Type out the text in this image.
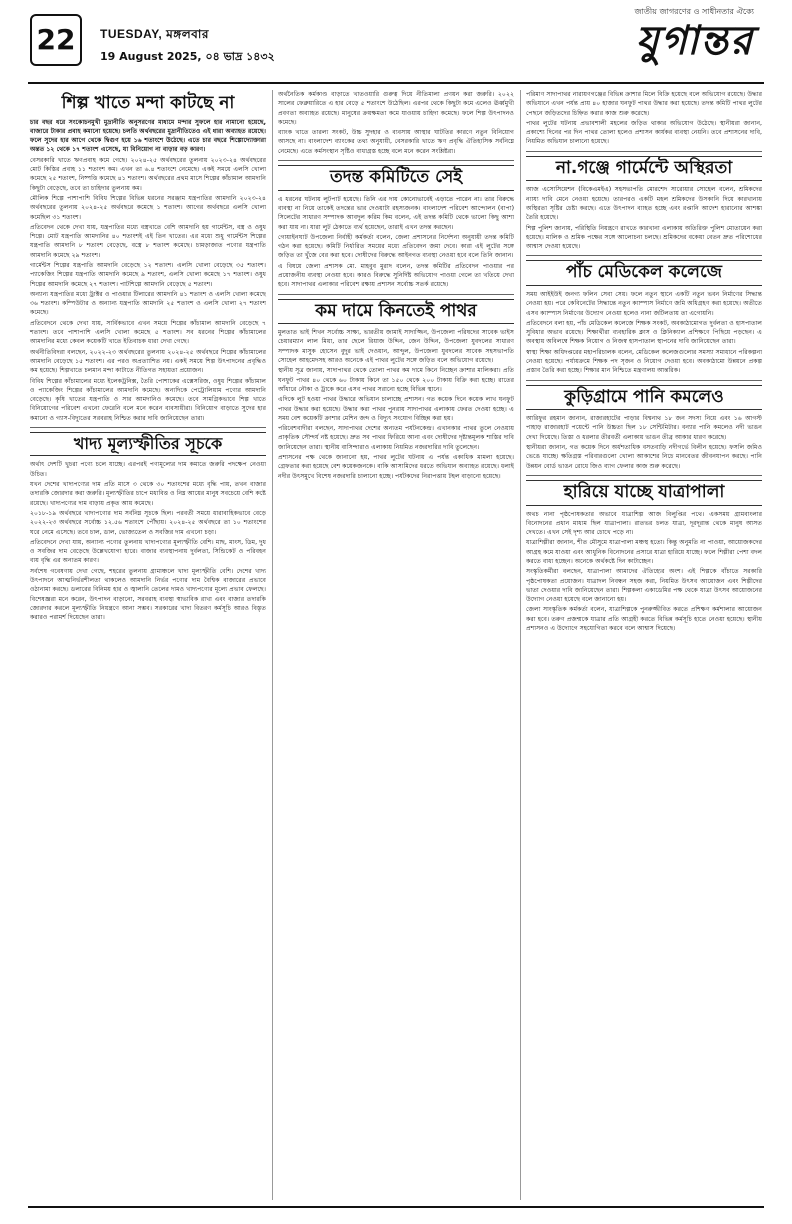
22	TUESDAY, মঙ্গলবার
19 August 2025, ০৪ ভাদ্র ১৪৩২
জাতীয় জাগরণের ও সাধীনতার ঐক্যে
যুগান্তর
শিল্প খাতে মন্দা কাটছে না

চার বছর ধরে সংকোচনমুখী মুদ্রানীতি অনুসরণের মাধ্যমে মন্দার সুফলে হার নামানো হয়েছে, বাজারে টাকার প্রবাহ কমানো হয়েছে। চলতি অর্থবছরের মুদ্রানীতিতেও এই ধারা অব্যাহত রয়েছে। ফলে সুদের হার আগে থেকে দ্বিগুণ হয়ে ১৬ শতাংশে উঠেছে। এতে চার বছরে শিল্পোদ্যোক্তারা অন্তত ১২ থেকে ১৭ শতাংশ এসেছে, যা বিনিয়োগ না বাড়ার বড় কারণ।

বেসরকারি খাতে ঋণপ্রবাহ কমে গেছে। ২০২৪-২৫ অর্থবছরের তুলনায় ২০২৩-২৪ অর্থবছরের মোট কিস্তির প্রবাহ ১১ শতাংশ কম। এখন তা ৬.৪ শতাংশে নেমেছে। একই সময়ে এলসি খোলা কমেছে ২৫ শতাংশ, নিষ্পত্তি কমেছে ৪১ শতাংশ। অর্থবছরের প্রথম মাসে শিল্পের কাঁচামাল আমদানি কিছুটা বেড়েছে, তবে তা চাহিদার তুলনায় কম।

মৌলিক শিল্পে পাশাপাশি বিবিধ শিল্পের বিভিন্ন ধরনের সরঞ্জাম যন্ত্রপাতির আমদানি ২০২৩-২৪ অর্থবছরের তুলনায় ২০২৪-২৫ অর্থবছরে কমেছে ১ শতাংশ। আগের অর্থবছরে এলসি খোলা কমেছিল ৩১ শতাংশ।

প্রতিবেদন থেকে দেখা যায়, যন্ত্রপাতির মধ্যে বস্ত্রখাতে বেশি আমদানি হয় গার্মেন্টস, বস্ত্র ও ওষুধ শিল্পে। মোট যন্ত্রপাতি আমদানির ৪০ শতাংশই এই তিন খাতের। এর মধ্যে শুধু গার্মেন্টস শিল্পের যন্ত্রপাতি আমদানি ৮ শতাংশ বেড়েছে, বস্ত্রে ৮ শতাংশ কমেছে। চামড়াজাত পণ্যের যন্ত্রপাতি আমদানি কমেছে ২৯ শতাংশ।

গার্মেন্টস শিল্পের যন্ত্রপাতি আমদানি বেড়েছে ১২ শতাংশ। এলসি খোলা বেড়েছে ৩৫ শতাংশ। প্যাকেজিং শিল্পের যন্ত্রপাতি আমদানি কমেছে ৯ শতাংশ, এলসি খোলা কমেছে ১৭ শতাংশ। ওষুধ শিল্পের আমদানি কমেছে ২৭ শতাংশ। পাটশিল্পে আমদানি বেড়েছে ৫ শতাংশ।

অন্যান্য যন্ত্রপাতির মধ্যে ট্রাক্টর ও পাওয়ার টিলারের আমদানি ৪১ শতাংশ ও এলসি খোলা কমেছে ৩৬ শতাংশ। কম্পিউটার ও অন্যান্য যন্ত্রপাতি আমদানি ২৫ শতাংশ ও এলসি খোলা ২৭ শতাংশ কমেছে।

প্রতিবেদনে থেকে দেখা যায়, সার্বিকভাবে এখন সময়ে শিল্পের কাঁচামাল আমদানি বেড়েছে ৭ শতাংশ। তবে পাশাপাশি এলসি খোলা কমেছে ৫ শতাংশ। সব ধরনের শিল্পের কাঁচামালের আমদানির মধ্যে কেবল কয়েকটি খাতে ইতিবাচক ধারা দেখা গেছে।

অর্থনীতিবিদরা বলছেন, ২০২২-২৩ অর্থবছরের তুলনায় ২০২৪-২৫ অর্থবছরে শিল্পের কাঁচামালের আমদানি বেড়েছে ১৫ শতাংশ। এর পরও অপ্রত্যাশিত নয়। একই সময়ে শিল্প উৎপাদনের প্রবৃদ্ধিও কম হয়েছে। শিল্পখাতে চলমান মন্দা কাটাতে নীতিগত সহায়তা প্রয়োজন।

বিবিধ শিল্পের কাঁচামালের মধ্যে ইলেকট্রনিক্স, তৈরি পোশাকের এক্সেসরিজ, ওষুধ শিল্পের কাঁচামাল ও প্যাকেজিং শিল্পের কাঁচামালের আমদানি কমেছে। অন্যদিকে পেট্রোলিয়াম পণ্যের আমদানি বেড়েছে। কৃষি খাতের যন্ত্রপাতি ও সার আমদানিও কমেছে। তবে সামগ্রিকভাবে শিল্প খাতে বিনিয়োগের পরিবেশ এখনো ফেরেনি বলে মনে করেন ব্যবসায়ীরা। বিনিয়োগ বাড়াতে সুদের হার কমানো ও গ্যাস-বিদ্যুতের সরবরাহ নিশ্চিত করার দাবি জানিয়েছেন তারা।

খাদ্য মূল্যস্ফীতির সূচকে

অর্থাৎ দেশটি খুচরা পণ্যে চলে যাচ্ছে। এরপরই পণ্যমূল্যের দাম কমাতে জরুরি পদক্ষেপ নেওয়া উচিত।

যখন দেশের খাদ্যপণ্যের দাম প্রতি মাসে ৩ থেকে ৩০ শতাংশের মধ্যে বৃদ্ধি পায়, তখন বাজার তদারকি জোরদার করা জরুরি। মূল্যস্ফীতির চাপে মধ্যবিত্ত ও নিম্ন আয়ের মানুষ সবচেয়ে বেশি কষ্টে রয়েছে। খাদ্যপণ্যের দাম বাড়ায় প্রকৃত আয় কমেছে।

২০১৮-১৯ অর্থবছরে খাদ্যপণ্যের দাম সর্বনিম্ন সূচকে ছিল। পরবর্তী সময়ে ধারাবাহিকভাবে বেড়ে ২০২২-২৩ অর্থবছরে সর্বোচ্চ ১২.৫৬ শতাংশে পৌঁছায়। ২০২৪-২৫ অর্থবছরে তা ১০ শতাংশের ঘরে নেমে এসেছে। তবে চাল, ডাল, ভোজ্যতেল ও সবজির দাম এখনো চড়া।

প্রতিবেদনে দেখা যায়, অন্যান্য পণ্যের তুলনায় খাদ্যপণ্যের মূল্যস্ফীতি বেশি। মাছ, মাংস, ডিম, দুধ ও সবজির দাম বেড়েছে উল্লেখযোগ্য হারে। বাজার ব্যবস্থাপনায় দুর্বলতা, সিন্ডিকেট ও পরিবহন ব্যয় বৃদ্ধি এর অন্যতম কারণ।

সর্বশেষ গবেষণায় দেখা গেছে, শহরের তুলনায় গ্রামাঞ্চলে খাদ্য মূল্যস্ফীতি বেশি। দেশের খাদ্য উৎপাদনে আত্মনির্ভরশীলতা থাকলেও আমদানি নির্ভর পণ্যের দাম বৈশ্বিক বাজারের প্রভাবে ওঠানামা করছে। ডলারের বিনিময় হার ও জ্বালানি তেলের দামও খাদ্যপণ্যের মূল্যে প্রভাব ফেলছে। বিশেষজ্ঞরা মনে করেন, উৎপাদন বাড়ানো, সরবরাহ ব্যবস্থা স্বাভাবিক রাখা এবং বাজার তদারকি জোরদার করলে মূল্যস্ফীতি নিয়ন্ত্রণে আনা সম্ভব। সরকারের খাদ্য বিতরণ কর্মসূচি আরও বিস্তৃত করারও পরামর্শ দিয়েছেন তারা।

অর্থনৈতিক কর্মকাণ্ড বাড়াতে খাতওয়ারি গুরুত্ব দিয়ে নীতিমালা প্রণয়ন করা জরুরি। ২০২২ সালের ফেব্রুয়ারিতে এ হার বেড়ে ৫ শতাংশে উঠেছিল। এরপর থেকে কিছুটা কমে এলেও ঊর্ধ্বমুখী প্রবণতা অব্যাহত রয়েছে। মানুষের ক্রয়ক্ষমতা কমে যাওয়ায় চাহিদা কমেছে। ফলে শিল্প উৎপাদনও কমেছে।

ব্যাংক খাতে তারল্য সংকট, উচ্চ সুদহার ও ব্যবসায় আস্থার ঘাটতির কারণে নতুন বিনিয়োগ আসছে না। বাংলাদেশ ব্যাংকের তথ্য অনুযায়ী, বেসরকারি খাতে ঋণ প্রবৃদ্ধি ঐতিহাসিক সর্বনিম্নে নেমেছে। এতে কর্মসংস্থান সৃষ্টিও বাধাগ্রস্ত হচ্ছে বলে মনে করেন সংশ্লিষ্টরা।

তদন্ত কমিটিতে সেই

এ ধরনের ঘটনায় লুটপাট হয়েছে। তিনি এর দায় কোনোভাবেই এড়াতে পারেন না। তার বিরুদ্ধে ব্যবস্থা না নিয়ে তাকেই তদন্তের ভার দেওয়াটা রহস্যজনক। বাংলাদেশ পরিবেশ আন্দোলন (বাপা) সিলেটের সাধারণ সম্পাদক আবদুল করিম কিম বলেন, এই তদন্ত কমিটি থেকে ভালো কিছু আশা করা যায় না। যারা লুট ঠেকাতে ব্যর্থ হয়েছেন, তারাই এখন তদন্ত করছেন।

গোয়াইনঘাট উপজেলা নির্বাহী কর্মকর্তা বলেন, জেলা প্রশাসনের নির্দেশনা অনুযায়ী তদন্ত কমিটি গঠন করা হয়েছে। কমিটি নির্ধারিত সময়ের মধ্যে প্রতিবেদন জমা দেবে। কারা এই লুটের সঙ্গে জড়িত তা খুঁজে বের করা হবে। দোষীদের বিরুদ্ধে আইনগত ব্যবস্থা নেওয়া হবে বলে তিনি জানান।

এ বিষয়ে জেলা প্রশাসক মো. মাহবুব মুরাদ বলেন, তদন্ত কমিটির প্রতিবেদন পাওয়ার পর প্রয়োজনীয় ব্যবস্থা নেওয়া হবে। কারও বিরুদ্ধে সুনির্দিষ্ট অভিযোগ পাওয়া গেলে তা খতিয়ে দেখা হবে। সাদাপাথর এলাকার পরিবেশ রক্ষায় প্রশাসন সর্বোচ্চ সতর্ক রয়েছে।

কম দামে কিনতেই পাথর

মুলতাত ভাই শিখন সর্বোচ্চ সাক্ষ্য, ভারতীয় জামাই সাদাজ্জিন, উপজেলা পরিষদের সাবেক ভাইস চেয়ারম্যান লাল মিয়া, তার ছেলে রিয়াজ উদ্দিন, জেন উদ্দিন, উপজেলা যুবদলের সাধারণ সম্পাদক মাসুক হোসেন বুদুর ভাই দেওয়ান, আব্দুল, উপজেলা যুবদলের সাবেক সহসভাপতি সোহেল আহমেদসহ আরও অনেকে এই পাথর লুটের সঙ্গে জড়িত বলে অভিযোগ রয়েছে।

স্থানীয় সূত্র জানায়, সাদাপাথর থেকে তোলা পাথর কম দামে কিনে নিচ্ছেন ক্রাশার মালিকরা। প্রতি ঘনফুট পাথর ৪০ থেকে ৬০ টাকায় কিনে তা ১৫০ থেকে ২০০ টাকায় বিক্রি করা হচ্ছে। রাতের আঁধারে নৌকা ও ট্রাকে করে এসব পাথর সরানো হচ্ছে বিভিন্ন স্থানে।

এদিকে লুট হওয়া পাথর উদ্ধারে অভিযান চালাচ্ছে প্রশাসন। গত কয়েক দিনে কয়েক লাখ ঘনফুট পাথর উদ্ধার করা হয়েছে। উদ্ধার করা পাথর পুনরায় সাদাপাথর এলাকায় ফেরত দেওয়া হচ্ছে। এ সময় বেশ কয়েকটি ক্রাশার মেশিন জব্দ ও বিদ্যুৎ সংযোগ বিচ্ছিন্ন করা হয়।

পরিবেশবাদীরা বলছেন, সাদাপাথর দেশের অন্যতম পর্যটনকেন্দ্র। এখানকার পাথর তুলে নেওয়ায় প্রাকৃতিক সৌন্দর্য নষ্ট হয়েছে। দ্রুত সব পাথর ফিরিয়ে আনা এবং দোষীদের দৃষ্টান্তমূলক শাস্তির দাবি জানিয়েছেন তারা। স্থানীয় বাসিন্দারাও এলাকায় নিয়মিত নজরদারির দাবি তুলেছেন।

প্রশাসনের পক্ষ থেকে জানানো হয়, পাথর লুটের ঘটনায় এ পর্যন্ত একাধিক মামলা হয়েছে। গ্রেফতার করা হয়েছে বেশ কয়েকজনকে। বাকি আসামিদের ধরতে অভিযান অব্যাহত রয়েছে। ধলাই নদীর উৎসমুখে বিশেষ নজরদারি চালানো হচ্ছে। পর্যটকদের নিরাপত্তায় টহল বাড়ানো হয়েছে।

পরিমাণ সাদাপাথর নারায়ণগঞ্জের বিভিন্ন ক্রাশার মিলে বিক্রি হয়েছে বলে অভিযোগ রয়েছে। উদ্ধার অভিযানে এখন পর্যন্ত প্রায় ৪০ হাজার ঘনফুট পাথর উদ্ধার করা হয়েছে। তদন্ত কমিটি পাথর লুটের পেছনে জড়িতদের চিহ্নিত করার কাজ শুরু করেছে।

পাথর লুটের ঘটনায় প্রভাবশালী মহলের জড়িত থাকার অভিযোগ উঠেছে। স্থানীয়রা জানান, প্রকাশ্যে দিনের পর দিন পাথর তোলা হলেও প্রশাসন কার্যকর ব্যবস্থা নেয়নি। তবে প্রশাসনের দাবি, নিয়মিত অভিযান চালানো হয়েছে।

না.গঞ্জে গার্মেন্টে অস্থিরতা

আজ এসোসিয়েশন (বিকেএমইএ) সহসভাপতি মোরশেদ সারোয়ার সোহেল বলেন, শ্রমিকদের ন্যায্য দাবি মেনে নেওয়া হয়েছে। তারপরও একটি মহল শ্রমিকদের উসকানি দিয়ে কারখানায় অস্থিরতা সৃষ্টির চেষ্টা করছে। এতে উৎপাদন ব্যাহত হচ্ছে এবং রপ্তানি আদেশ হারানোর আশঙ্কা তৈরি হয়েছে।

শিল্প পুলিশ জানায়, পরিস্থিতি নিয়ন্ত্রণে রাখতে কারখানা এলাকায় অতিরিক্ত পুলিশ মোতায়েন করা হয়েছে। মালিক ও শ্রমিক পক্ষের সঙ্গে আলোচনা চলছে। শ্রমিকদের বকেয়া বেতন দ্রুত পরিশোধের আশ্বাস দেওয়া হয়েছে।

পাঁচ মেডিকেল কলেজে

সময় আইইউই জনগ্য ফলিন সেবা সেয়। ফলে নতুন স্থানে একটি নতুন ভবন নির্মাণের সিদ্ধান্ত নেওয়া হয়। পরে কেবিনেটের সিদ্ধান্তে নতুন ক্যাম্পাস নির্মাণে জমি অধিগ্রহণ করা হয়েছে। অতীতে এসব ক্যাম্পাস নির্মাণের উদ্যোগ নেওয়া হলেও নানা জটিলতায় তা এগোয়নি।

প্রতিবেদনে বলা হয়, পাঁচ মেডিকেল কলেজে শিক্ষক সংকট, অবকাঠামোগত দুর্বলতা ও হাসপাতাল সুবিধার অভাব রয়েছে। শিক্ষার্থীরা ব্যবহারিক ক্লাস ও ক্লিনিক্যাল প্রশিক্ষণে পিছিয়ে পড়ছেন। এ অবস্থায় অবিলম্বে শিক্ষক নিয়োগ ও নিজস্ব হাসপাতাল স্থাপনের দাবি জানিয়েছেন তারা।

স্বাস্থ্য শিক্ষা অধিদপ্তরের মহাপরিচালক বলেন, মেডিকেল কলেজগুলোর সমস্যা সমাধানে পরিকল্পনা নেওয়া হয়েছে। পর্যায়ক্রমে শিক্ষক পদ সৃজন ও নিয়োগ দেওয়া হবে। অবকাঠামো উন্নয়নে প্রকল্প প্রস্তাব তৈরি করা হচ্ছে। শিক্ষার মান নিশ্চিতে মন্ত্রণালয় আন্তরিক।

কুড়িগ্রামে পানি কমলেও

আরিফুর রহমান জানান, রাজারহাটের পাড়ার বিশ্বনাথ ১৮ জন সদস্য নিয়ে এবং ১৬ আগস্ট পাহাড় রাজারহাট পয়েন্টে পানি উচ্চতা ছিল ১৮ সেন্টিমিটার। বন্যার পানি কমলেও নদী ভাঙন দেখা দিয়েছে। তিস্তা ও ধরলার তীরবর্তী এলাকায় ভাঙন তীব্র আকার ধারণ করেছে।

স্থানীয়রা জানান, গত কয়েক দিনে অর্ধশতাধিক বসতবাড়ি নদীগর্ভে বিলীন হয়েছে। ফসলি জমিও ভেঙে যাচ্ছে। ক্ষতিগ্রস্ত পরিবারগুলো খোলা আকাশের নিচে মানবেতর জীবনযাপন করছে। পানি উন্নয়ন বোর্ড ভাঙন রোধে জিও ব্যাগ ফেলার কাজ শুরু করেছে।

হারিয়ে যাচ্ছে যাত্রাপালা

অথচ নানা পৃষ্ঠপোষকতার অভাবে যাত্রাশিল্প আজ বিলুপ্তির পথে। একসময় গ্রামবাংলার বিনোদনের প্রধান মাধ্যম ছিল যাত্রাপালা। রাতভর চলত যাত্রা, দূরদূরান্ত থেকে মানুষ আসত দেখতে। এখন সেই দৃশ্য আর চোখে পড়ে না।

যাত্রাশিল্পীরা জানান, শীত মৌসুমে যাত্রাপালা মঞ্চস্থ হতো। কিন্তু অনুমতি না পাওয়া, আয়োজকদের আগ্রহ কমে যাওয়া এবং আধুনিক বিনোদনের প্রসারে যাত্রা হারিয়ে যাচ্ছে। ফলে শিল্পীরা পেশা বদল করতে বাধ্য হচ্ছেন। অনেকে অর্থকষ্টে দিন কাটাচ্ছেন।

সংস্কৃতিকর্মীরা বলছেন, যাত্রাপালা আমাদের ঐতিহ্যের অংশ। এই শিল্পকে বাঁচাতে সরকারি পৃষ্ঠপোষকতা প্রয়োজন। যাত্রাদল নিবন্ধন সহজ করা, নিয়মিত উৎসব আয়োজন এবং শিল্পীদের ভাতা দেওয়ার দাবি জানিয়েছেন তারা। শিল্পকলা একাডেমির পক্ষ থেকে যাত্রা উৎসব আয়োজনের উদ্যোগ নেওয়া হয়েছে বলে জানানো হয়।

জেলা সাংস্কৃতিক কর্মকর্তা বলেন, যাত্রাশিল্পকে পুনরুজ্জীবিত করতে প্রশিক্ষণ কর্মশালার আয়োজন করা হবে। তরুণ প্রজন্মকে যাত্রার প্রতি আগ্রহী করতে বিভিন্ন কর্মসূচি হাতে নেওয়া হয়েছে। স্থানীয় প্রশাসনও এ উদ্যোগে সহযোগিতা করবে বলে আশ্বাস দিয়েছে।
